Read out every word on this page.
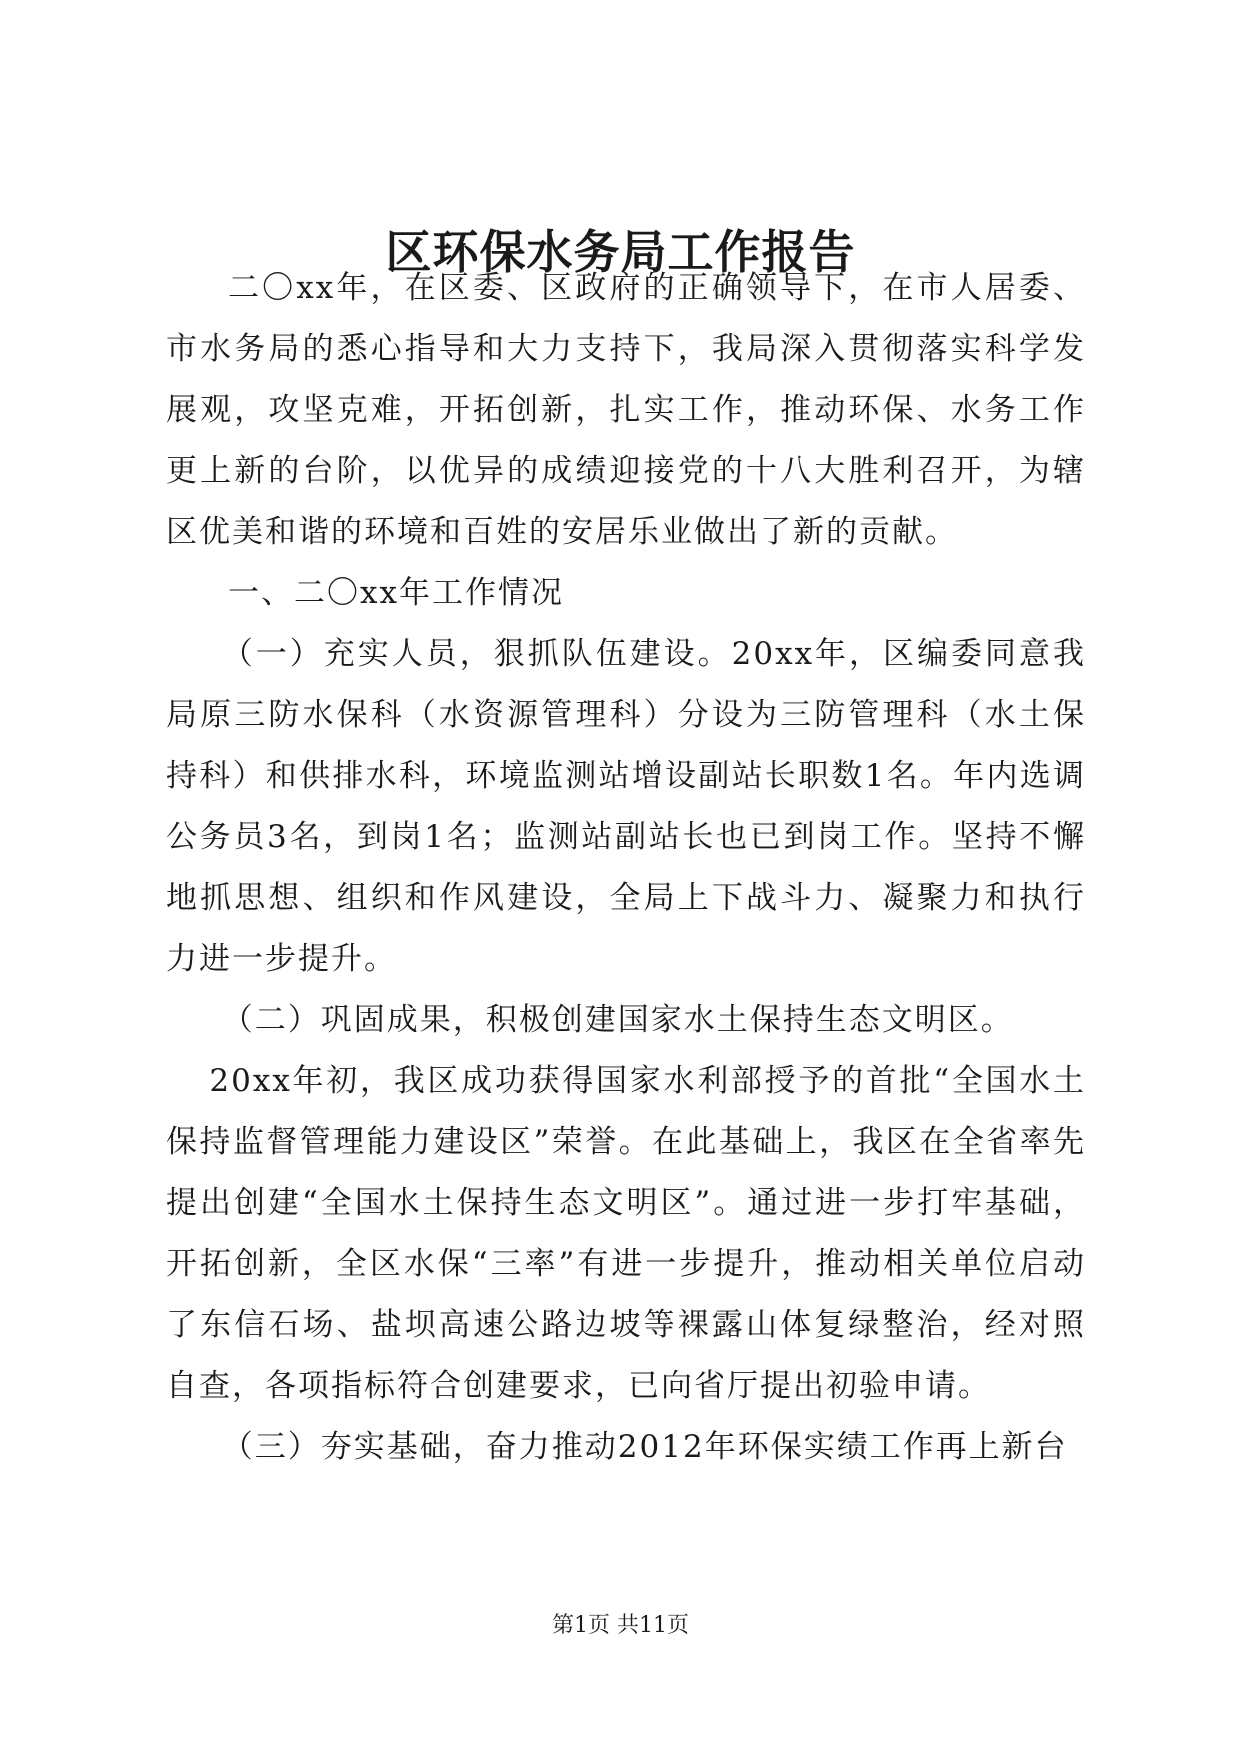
区环保水务局工作报告

二〇xx年，在区委、区政府的正确领导下，在市人居委、市水务局的悉心指导和大力支持下，我局深入贯彻落实科学发展观，攻坚克难，开拓创新，扎实工作，推动环保、水务工作更上新的台阶，以优异的成绩迎接党的十八大胜利召开，为辖区优美和谐的环境和百姓的安居乐业做出了新的贡献。

一、二〇xx年工作情况

（一）充实人员，狠抓队伍建设。20xx年，区编委同意我局原三防水保科（水资源管理科）分设为三防管理科（水土保持科）和供排水科，环境监测站增设副站长职数1名。年内选调公务员3名，到岗1名；监测站副站长也已到岗工作。坚持不懈地抓思想、组织和作风建设，全局上下战斗力、凝聚力和执行力进一步提升。

（二）巩固成果，积极创建国家水土保持生态文明区。

20xx年初，我区成功获得国家水利部授予的首批“全国水土保持监督管理能力建设区”荣誉。在此基础上，我区在全省率先提出创建“全国水土保持生态文明区”。通过进一步打牢基础，开拓创新，全区水保“三率”有进一步提升，推动相关单位启动了东信石场、盐坝高速公路边坡等裸露山体复绿整治，经对照自查，各项指标符合创建要求，已向省厅提出初验申请。

（三）夯实基础，奋力推动2012年环保实绩工作再上新台

第1页 共11页
